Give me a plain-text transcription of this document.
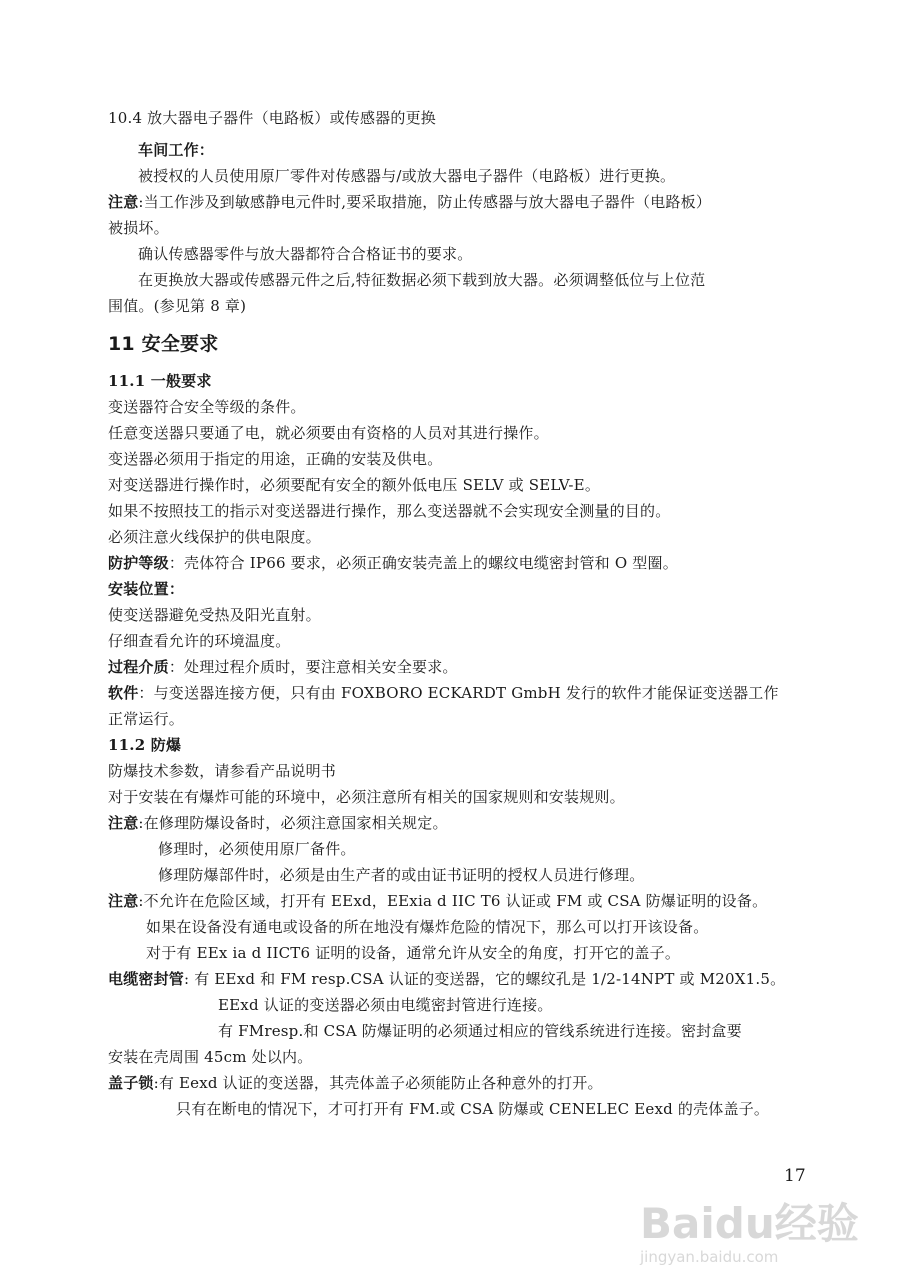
10.4 放大器电子器件（电路板）或传感器的更换
车间工作：
被授权的人员使用原厂零件对传感器与/或放大器电子器件（电路板）进行更换。
注意:当工作涉及到敏感静电元件时,要采取措施，防止传感器与放大器电子器件（电路板）
被损坏。
确认传感器零件与放大器都符合合格证书的要求。
在更换放大器或传感器元件之后,特征数据必须下载到放大器。必须调整低位与上位范
围值。(参见第 8 章)
11 安全要求
11.1 一般要求
变送器符合安全等级的条件。
任意变送器只要通了电，就必须要由有资格的人员对其进行操作。
变送器必须用于指定的用途，正确的安装及供电。
对变送器进行操作时，必须要配有安全的额外低电压 SELV 或 SELV-E。
如果不按照技工的指示对变送器进行操作，那么变送器就不会实现安全测量的目的。
必须注意火线保护的供电限度。
防护等级：壳体符合 IP66 要求，必须正确安装壳盖上的螺纹电缆密封管和 O 型圈。
安装位置：
使变送器避免受热及阳光直射。
仔细查看允许的环境温度。
过程介质：处理过程介质时，要注意相关安全要求。
软件：与变送器连接方便，只有由 FOXBORO ECKARDT GmbH 发行的软件才能保证变送器工作
正常运行。
11.2 防爆
防爆技术参数，请参看产品说明书
对于安装在有爆炸可能的环境中，必须注意所有相关的国家规则和安装规则。
注意:在修理防爆设备时，必须注意国家相关规定。
修理时，必须使用原厂备件。
修理防爆部件时，必须是由生产者的或由证书证明的授权人员进行修理。
注意:不允许在危险区域，打开有 EExd，EExia d IIC T6 认证或 FM 或 CSA 防爆证明的设备。
如果在设备没有通电或设备的所在地没有爆炸危险的情况下，那么可以打开该设备。
对于有 EEx ia d IICT6 证明的设备，通常允许从安全的角度，打开它的盖子。
电缆密封管: 有 EExd 和 FM resp.CSA 认证的变送器，它的螺纹孔是 1/2-14NPT 或 M20X1.5。
EExd 认证的变送器必须由电缆密封管进行连接。
有 FMresp.和 CSA 防爆证明的必须通过相应的管线系统进行连接。密封盒要
安装在壳周围 45cm 处以内。
盖子锁:有 Eexd 认证的变送器，其壳体盖子必须能防止各种意外的打开。
只有在断电的情况下，才可打开有 FM.或 CSA 防爆或 CENELEC Eexd 的壳体盖子。
17
Baidu经验
jingyan.baidu.com
